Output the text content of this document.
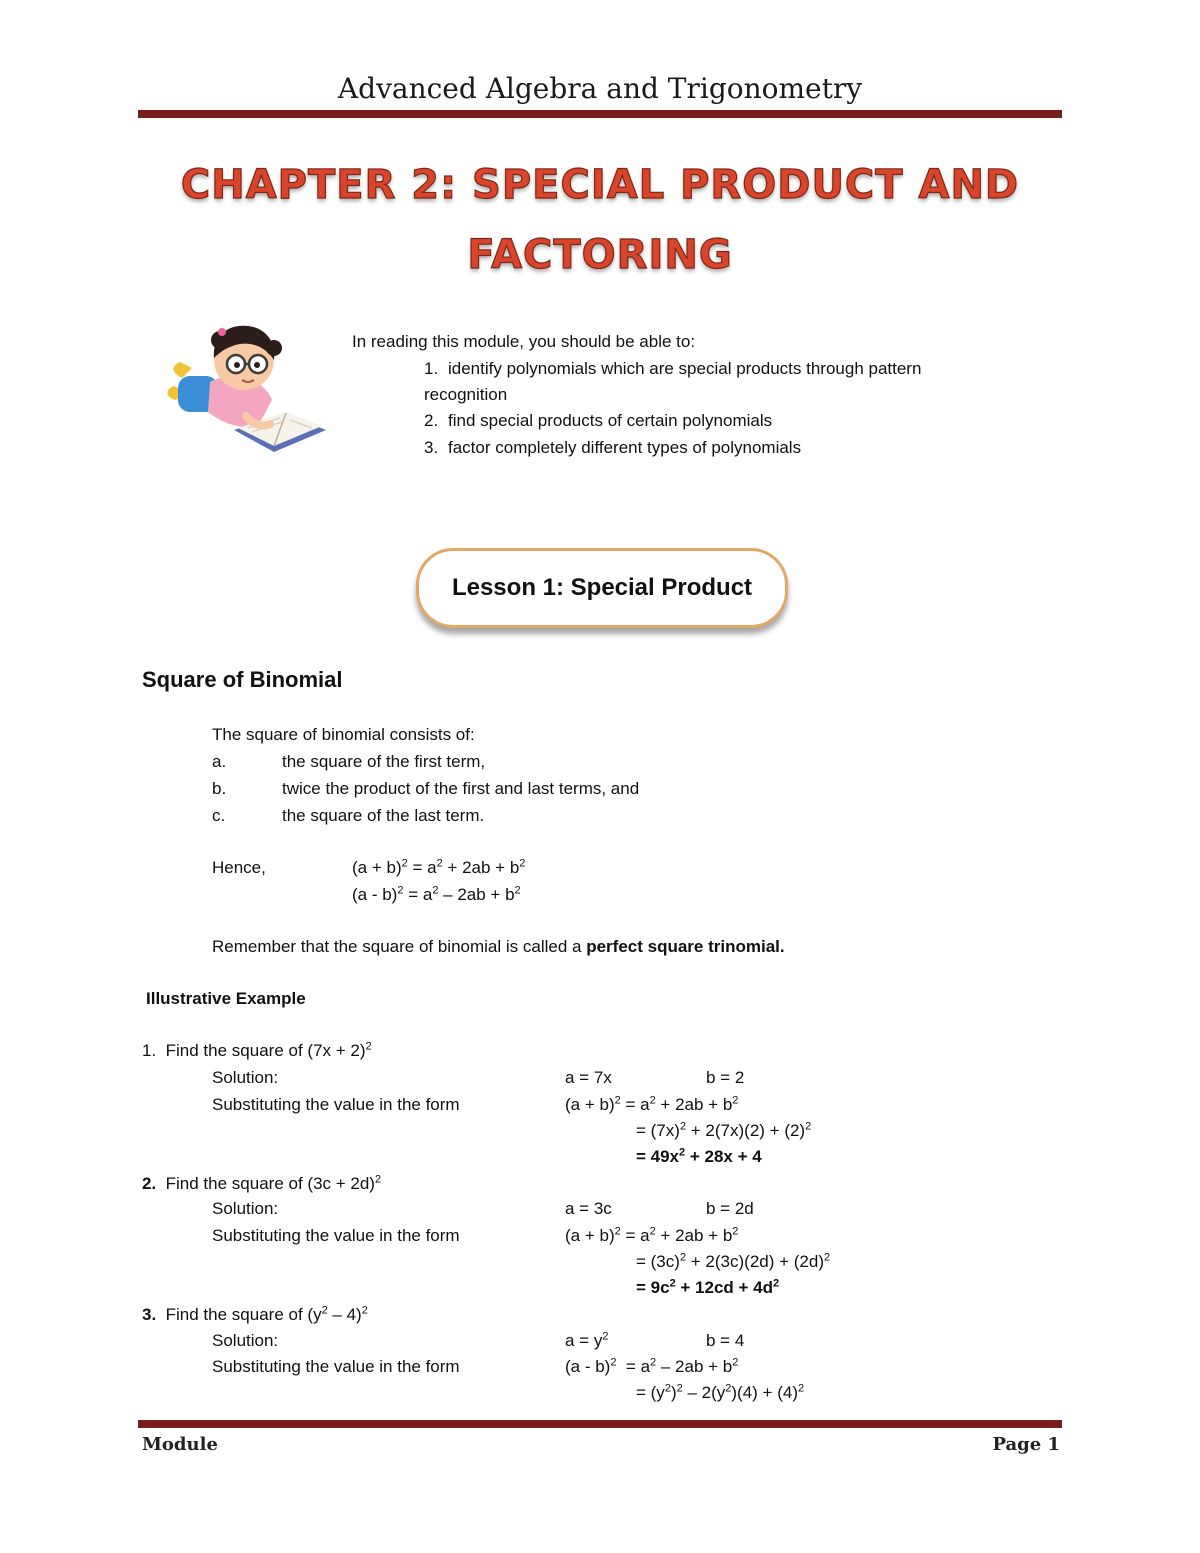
Advanced Algebra and Trigonometry
CHAPTER 2: SPECIAL PRODUCT AND
FACTORING
In reading this module, you should be able to:
1. identify polynomials which are special products through pattern
recognition
2. find special products of certain polynomials
3. factor completely different types of polynomials
Lesson 1: Special Product
Square of Binomial
The square of binomial consists of:
a.	the square of the first term,
b.	twice the product of the first and last terms, and
c.	the square of the last term.
Hence,	$(a + b)^2 = a^2 + 2ab + b^2$
$(a - b)^2 = a^2 - 2ab + b^2$
Remember that the square of binomial is called a perfect square trinomial.
Illustrative Example
1. Find the square of $(7x + 2)^2$
Solution:	a = 7x	b = 2
Substituting the value in the form	$(a + b)^2 = a^2 + 2ab + b^2$
= $(7x)^2 + 2(7x)(2) + (2)^2$
= $49x^2 + 28x + 4$
2. Find the square of $(3c + 2d)^2$
Solution:	a = 3c	b = 2d
Substituting the value in the form	$(a + b)^2 = a^2 + 2ab + b^2$
= $(3c)^2 + 2(3c)(2d) + (2d)^2$
= $9c^2 + 12cd + 4d^2$
3. Find the square of $(y^2 - 4)^2$
Solution:	$a = y^2$	b = 4
Substituting the value in the form	$(a - b)^2 = a^2 - 2ab + b^2$
= $(y^2)^2 - 2(y^2)(4) + (4)^2$
Module	Page 1
